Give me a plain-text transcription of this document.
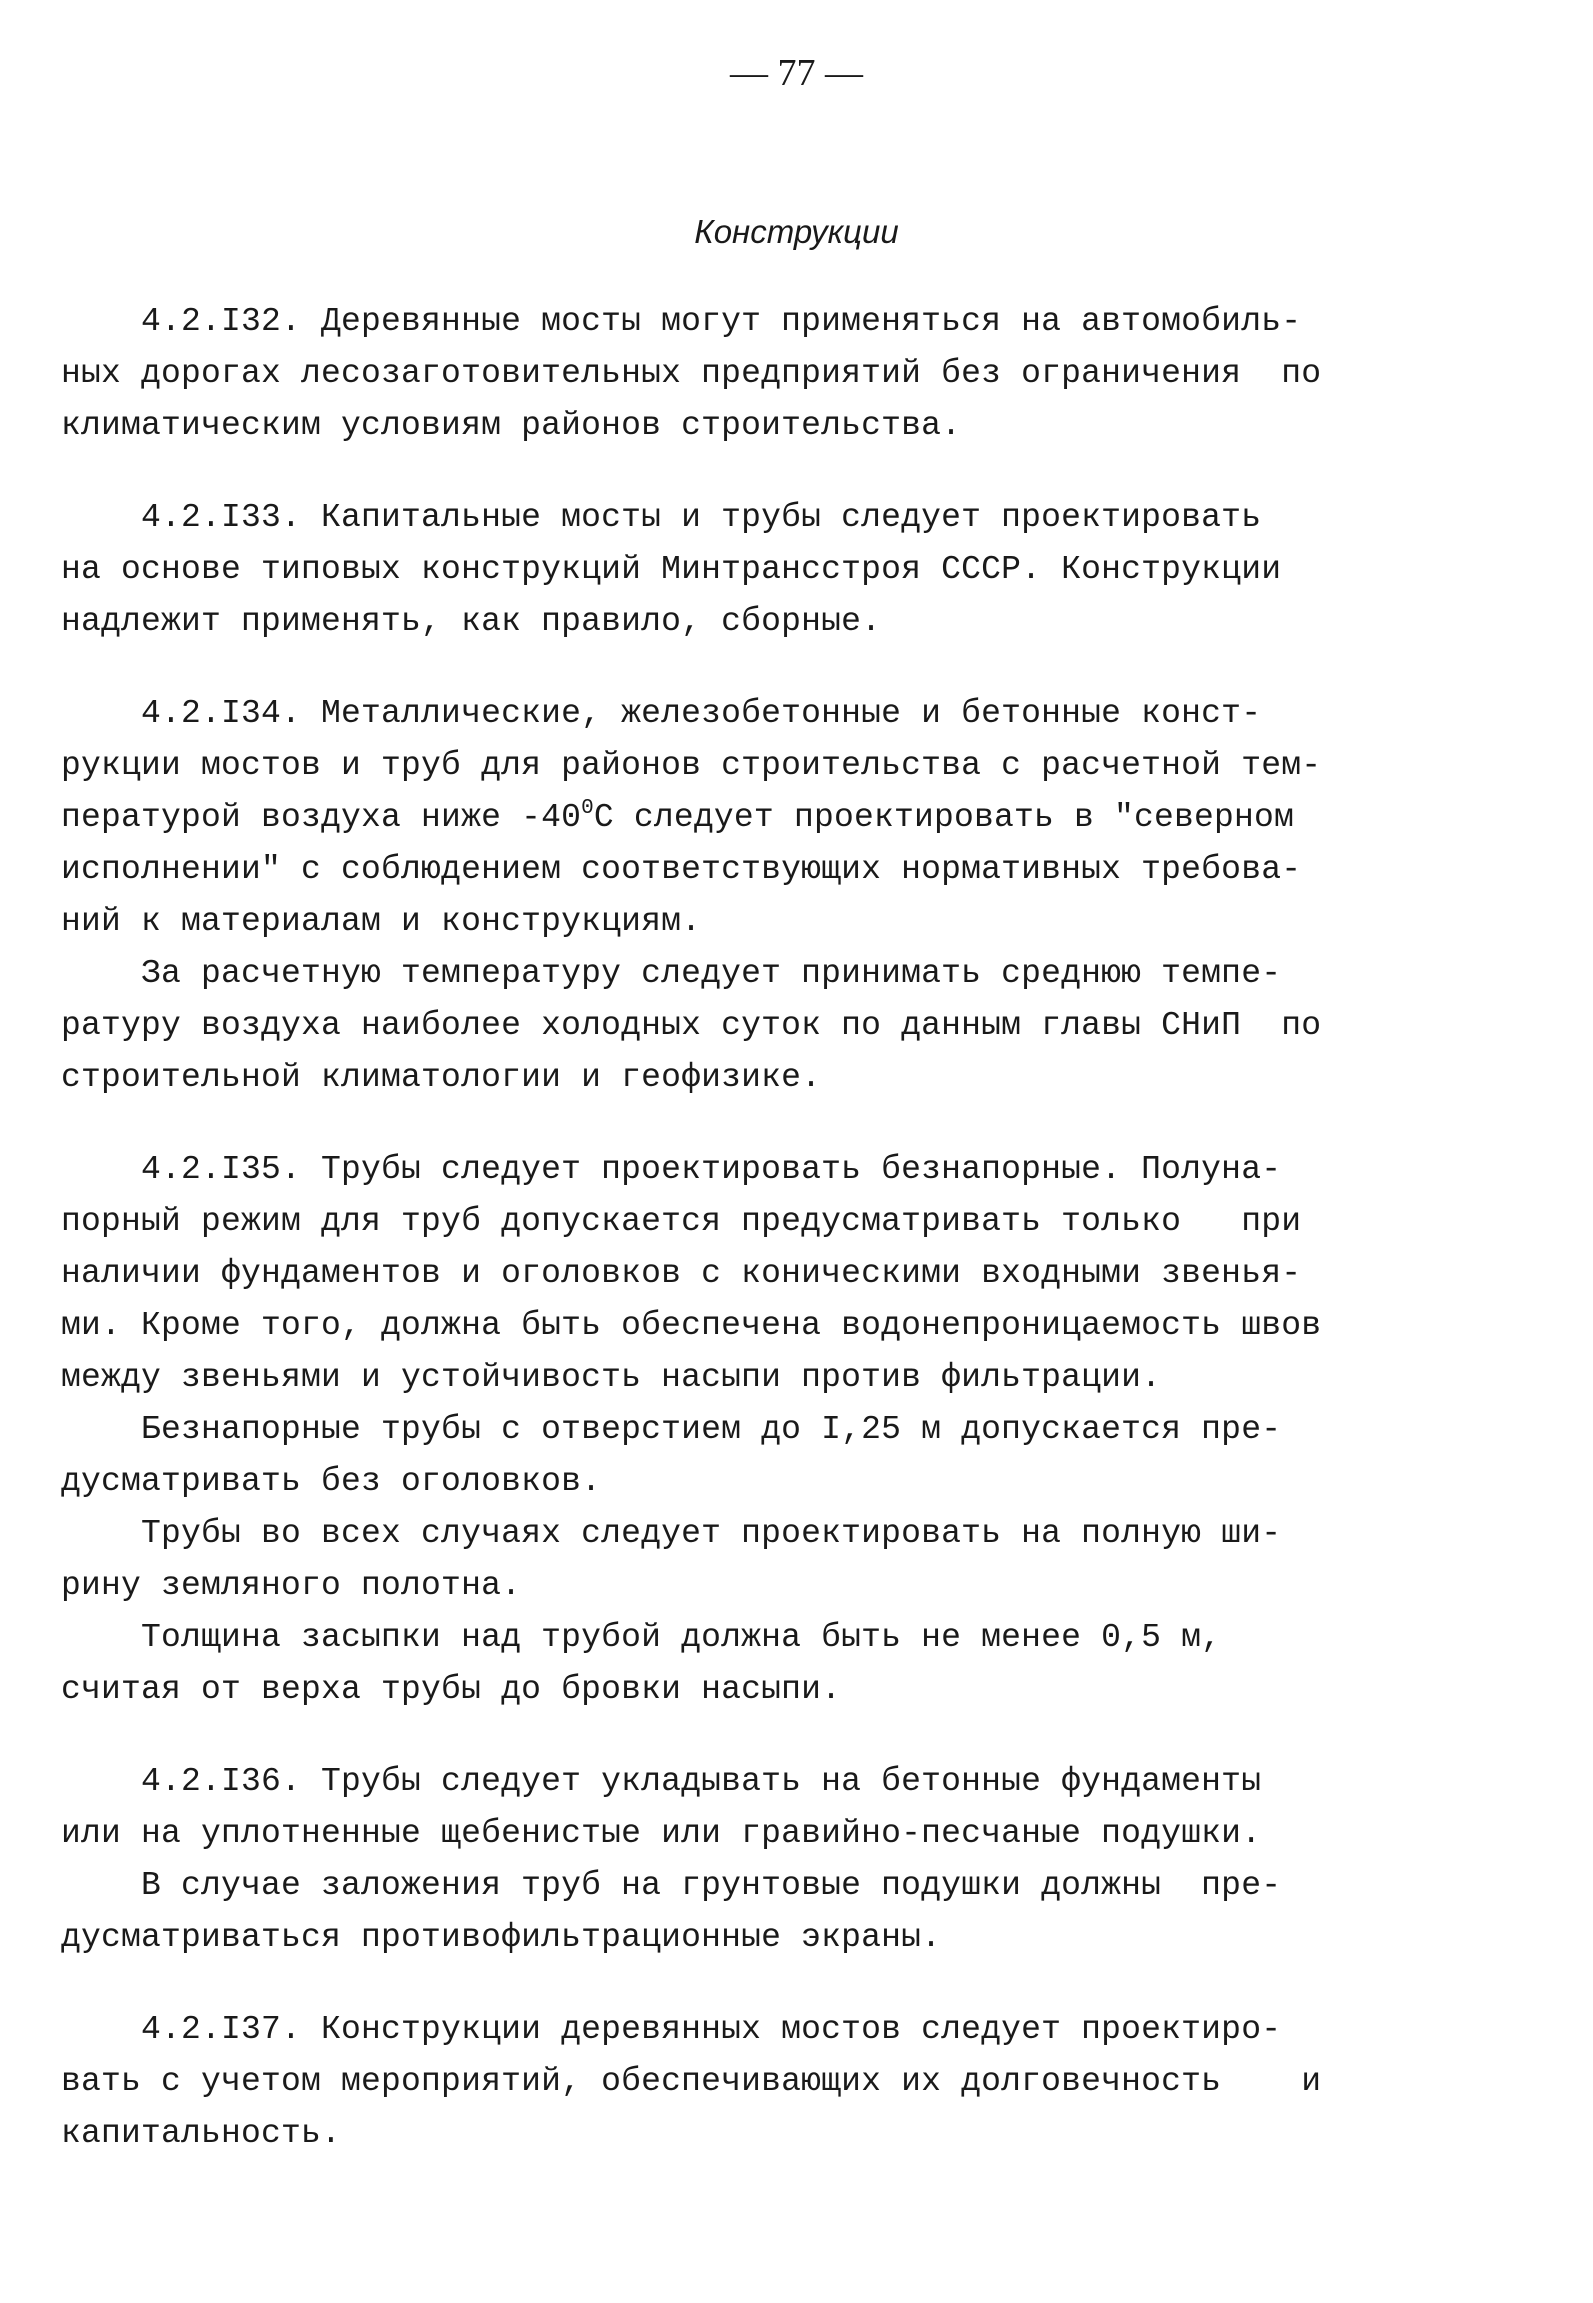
— 77 —
Конструкции
4.2.I32. Деревянные мосты могут применяться на автомобиль-
ных дорогах лесозаготовительных предприятий без ограничения  по
климатическим условиям районов строительства.
4.2.I33. Капитальные мосты и трубы следует проектировать
на основе типовых конструкций Минтрансстроя СССР. Конструкции
надлежит применять, как правило, сборные.
4.2.I34. Металлические, железобетонные и бетонные конст-
рукции мостов и труб для районов строительства с расчетной тем-
пературой воздуха ниже $-40^0С$ следует проектировать в "северном
исполнении" с соблюдением соответствующих нормативных требова-
ний к материалам и конструкциям.
За расчетную температуру следует принимать среднюю темпе-
ратуру воздуха наиболее холодных суток по данным главы СНиП  по
строительной климатологии и геофизике.
4.2.I35. Трубы следует проектировать безнапорные. Полуна-
порный режим для труб допускается предусматривать только   при
наличии фундаментов и оголовков с коническими входными звенья-
ми. Кроме того, должна быть обеспечена водонепроницаемость швов
между звеньями и устойчивость насыпи против фильтрации.
Безнапорные трубы с отверстием до I,25 м допускается пре-
дусматривать без оголовков.
Трубы во всех случаях следует проектировать на полную ши-
рину земляного полотна.
Толщина засыпки над трубой должна быть не менее 0,5 м,
считая от верха трубы до бровки насыпи.
4.2.I36. Трубы следует укладывать на бетонные фундаменты
или на уплотненные щебенистые или гравийно-песчаные подушки.
В случае заложения труб на грунтовые подушки должны  пре-
дусматриваться противофильтрационные экраны.
4.2.I37. Конструкции деревянных мостов следует проектиро-
вать с учетом мероприятий, обеспечивающих их долговечность    и
капитальность.
